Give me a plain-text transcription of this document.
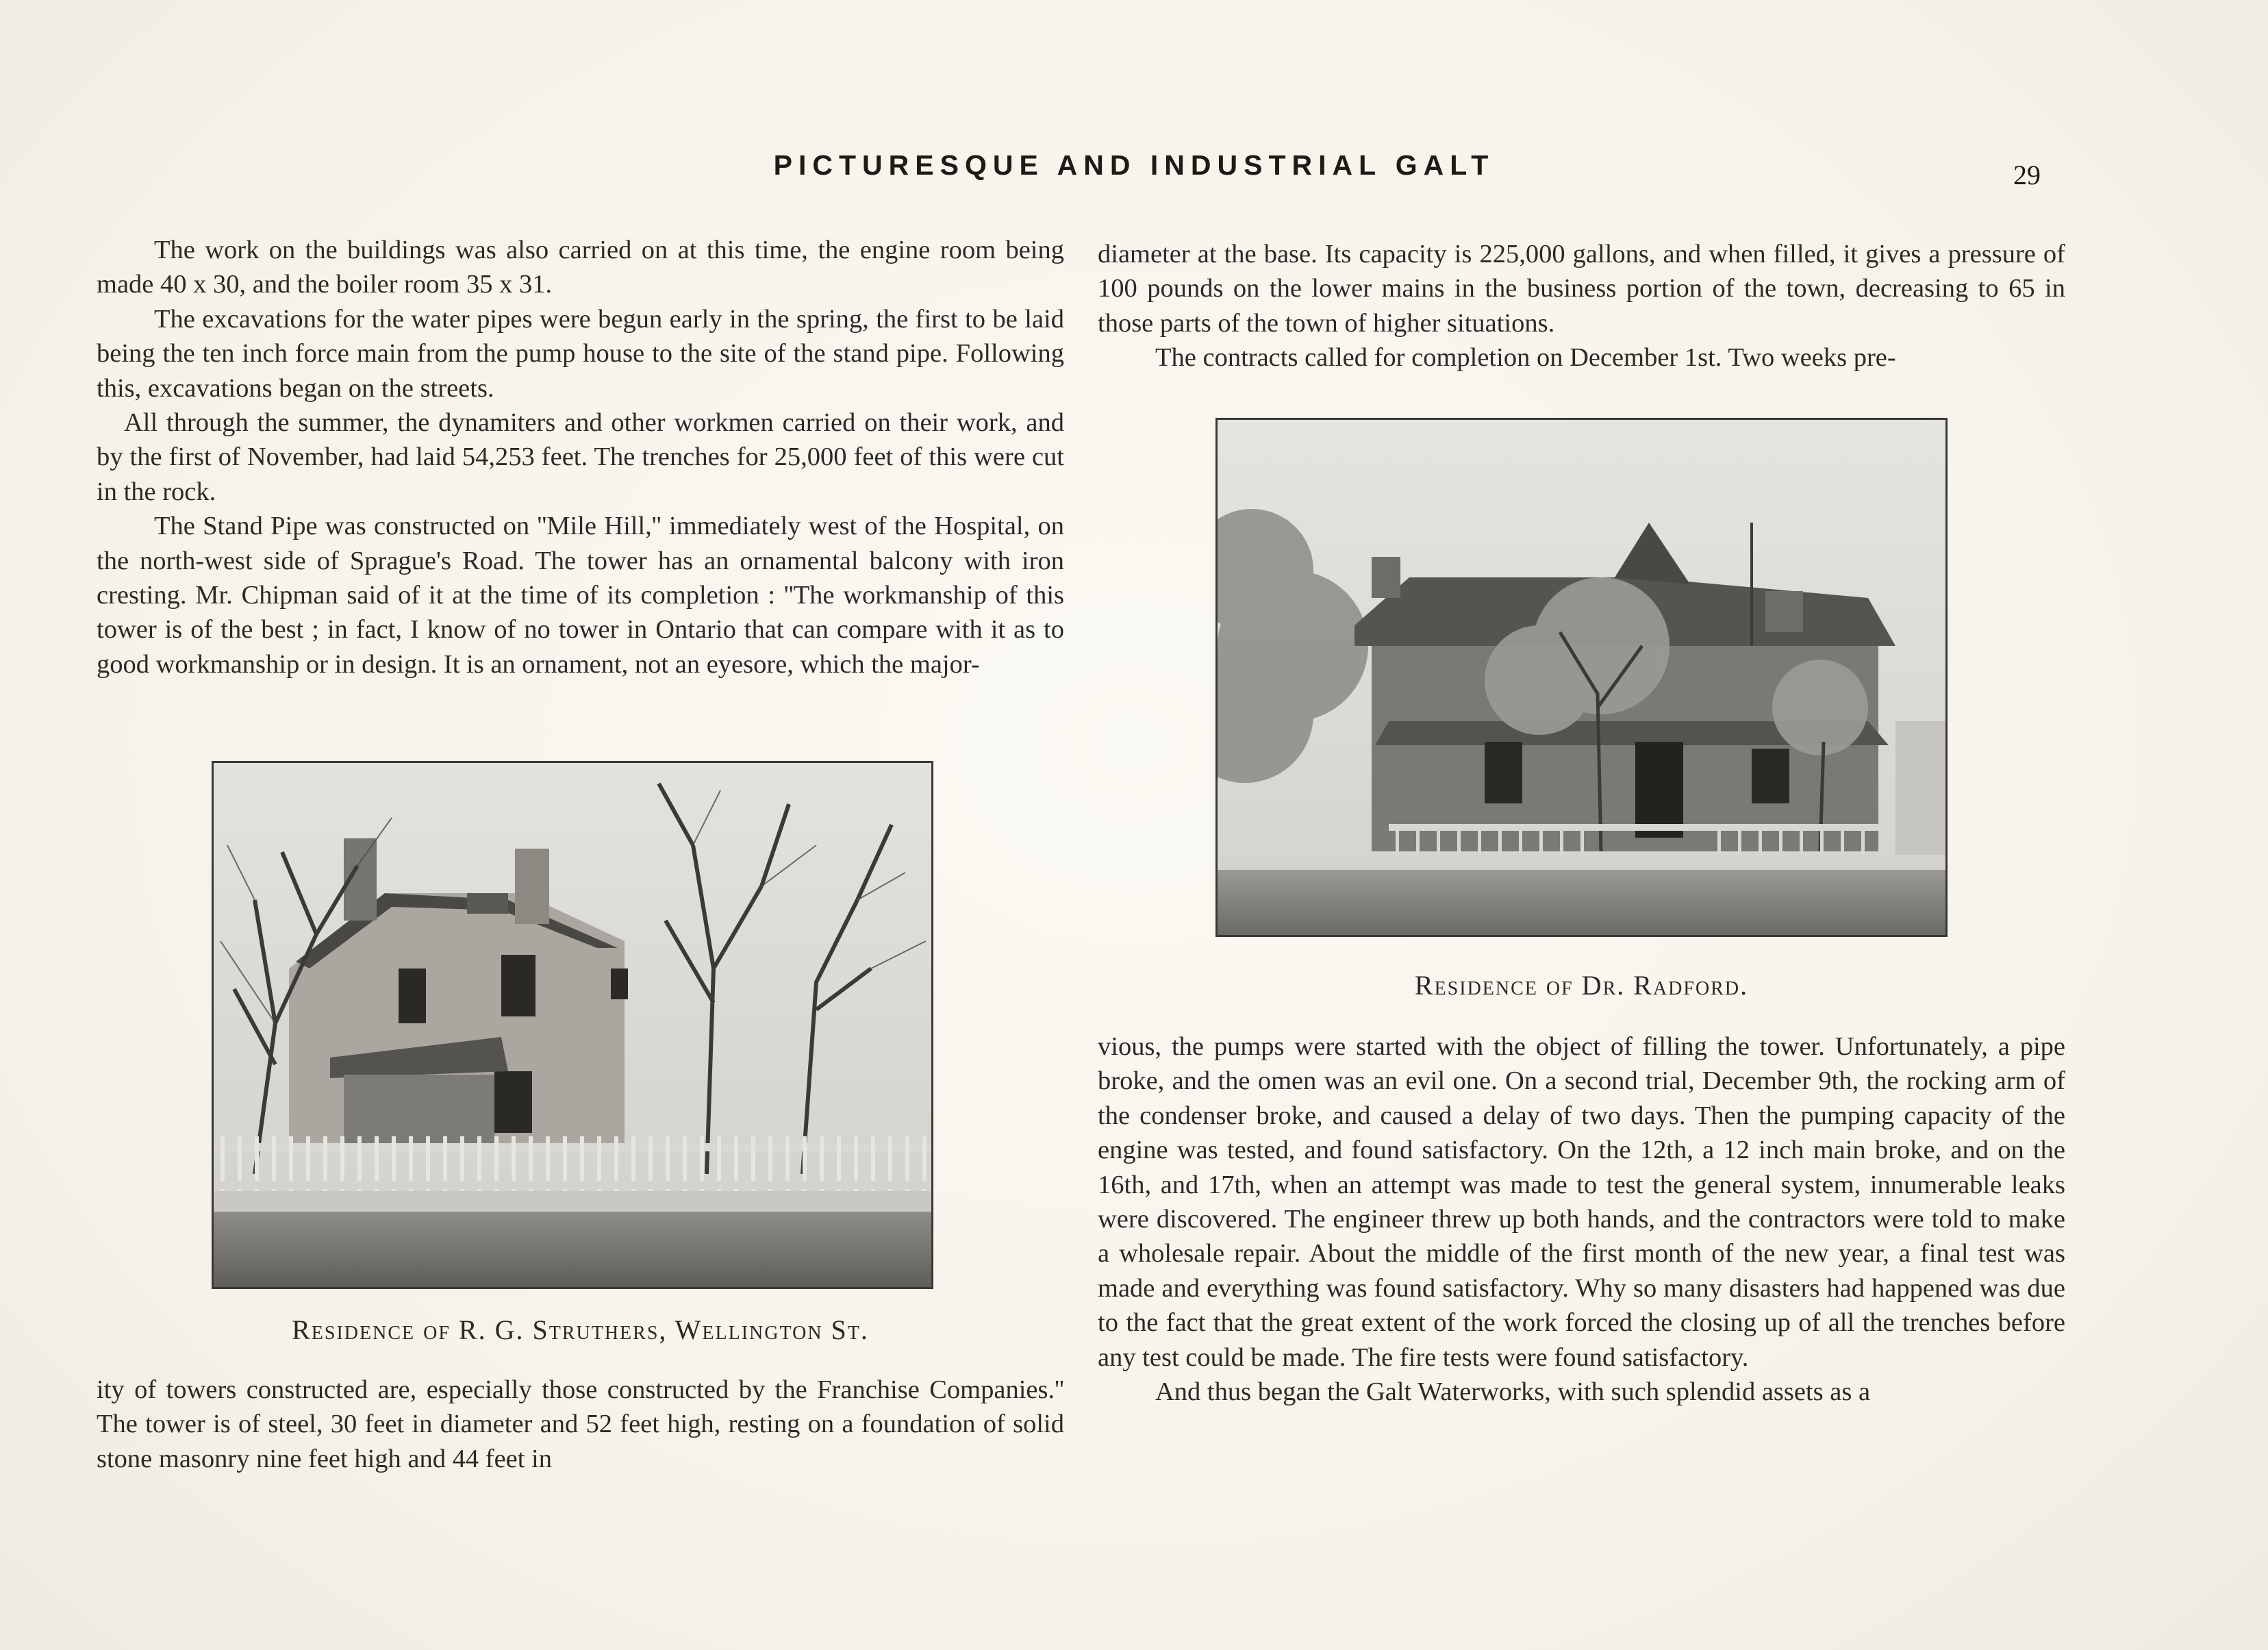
PICTURESQUE AND INDUSTRIAL GALT	29

The work on the buildings was also carried on at this time, the engine room being made 40 x 30, and the boiler room 35 x 31.

The excavations for the water pipes were begun early in the spring, the first to be laid being the ten inch force main from the pump house to the site of the stand pipe. Following this, excavations began on the streets.

All through the summer, the dynamiters and other workmen carried on their work, and by the first of November, had laid 54,253 feet. The trenches for 25,000 feet of this were cut in the rock.

The Stand Pipe was constructed on ''Mile Hill,'' immediately west of the Hospital, on the north-west side of Sprague's Road. The tower has an ornamental balcony with iron cresting. Mr. Chipman said of it at the time of its completion : ''The workmanship of this tower is of the best ; in fact, I know of no tower in Ontario that can compare with it as to good workmanship or in design. It is an ornament, not an eyesore, which the major-

Residence of R. G. Struthers, Wellington St.

ity of towers constructed are, especially those constructed by the Franchise Companies.'' The tower is of steel, 30 feet in diameter and 52 feet high, resting on a foundation of solid stone masonry nine feet high and 44 feet in

diameter at the base. Its capacity is 225,000 gallons, and when filled, it gives a pressure of 100 pounds on the lower mains in the business portion of the town, decreasing to 65 in those parts of the town of higher situations.

The contracts called for completion on December 1st. Two weeks pre-

Residence of Dr. Radford.

vious, the pumps were started with the object of filling the tower. Unfortunately, a pipe broke, and the omen was an evil one. On a second trial, December 9th, the rocking arm of the condenser broke, and caused a delay of two days. Then the pumping capacity of the engine was tested, and found satisfactory. On the 12th, a 12 inch main broke, and on the 16th, and 17th, when an attempt was made to test the general system, innumerable leaks were discovered. The engineer threw up both hands, and the contractors were told to make a wholesale repair. About the middle of the first month of the new year, a final test was made and everything was found satisfactory. Why so many disasters had happened was due to the fact that the great extent of the work forced the closing up of all the trenches before any test could be made. The fire tests were found satisfactory.

And thus began the Galt Waterworks, with such splendid assets as a
